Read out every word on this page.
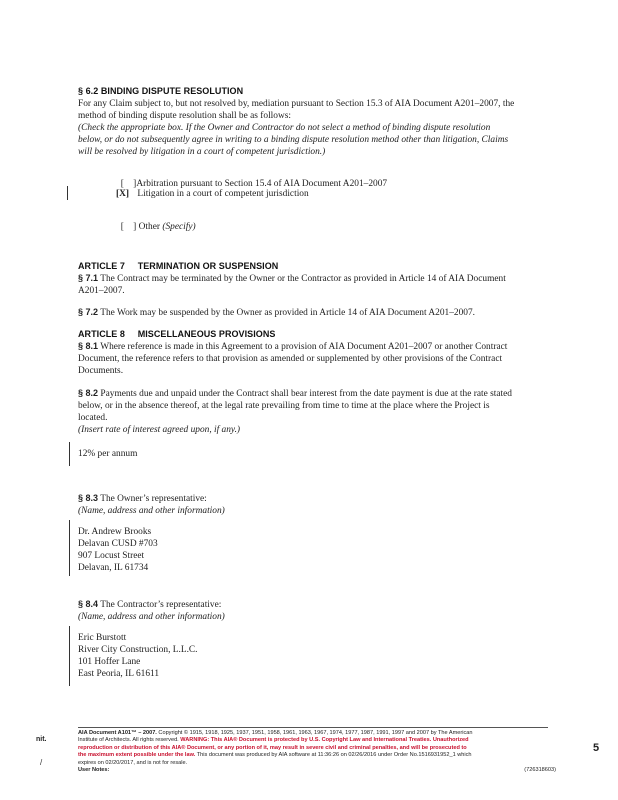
§ 6.2 BINDING DISPUTE RESOLUTION
For any Claim subject to, but not resolved by, mediation pursuant to Section 15.3 of AIA Document A201–2007, the
method of binding dispute resolution shall be as follows:
(Check the appropriate box. If the Owner and Contractor do not select a method of binding dispute resolution
below, or do not subsequently agree in writing to a binding dispute resolution method other than litigation, Claims
will be resolved by litigation in a court of competent jurisdiction.)

[    ]Arbitration pursuant to Section 15.4 of AIA Document A201–2007

[X] Litigation in a court of competent jurisdiction

[    ] Other (Specify)

ARTICLE 7     TERMINATION OR SUSPENSION
§ 7.1 The Contract may be terminated by the Owner or the Contractor as provided in Article 14 of AIA Document
A201–2007.
§ 7.2 The Work may be suspended by the Owner as provided in Article 14 of AIA Document A201–2007.
ARTICLE 8     MISCELLANEOUS PROVISIONS
§ 8.1 Where reference is made in this Agreement to a provision of AIA Document A201–2007 or another Contract
Document, the reference refers to that provision as amended or supplemented by other provisions of the Contract
Documents.
§ 8.2 Payments due and unpaid under the Contract shall bear interest from the date payment is due at the rate stated
below, or in the absence thereof, at the legal rate prevailing from time to time at the place where the Project is
located.
(Insert rate of interest agreed upon, if any.)
12% per annum
§ 8.3 The Owner’s representative:
(Name, address and other information)
Dr. Andrew Brooks
Delavan CUSD #703
907 Locust Street
Delavan, IL 61734
§ 8.4 The Contractor’s representative:
(Name, address and other information)
Eric Burstott
River City Construction, L.L.C.
101 Hoffer Lane
East Peoria, IL 61611
nit.
/
AIA Document A101™ – 2007. Copyright © 1915, 1918, 1925, 1937, 1951, 1958, 1961, 1963, 1967, 1974, 1977, 1987, 1991, 1997 and 2007 by The American
Institute of Architects. All rights reserved. WARNING: This AIA® Document is protected by U.S. Copyright Law and International Treaties. Unauthorized
reproduction or distribution of this AIA® Document, or any portion of it, may result in severe civil and criminal penalties, and will be prosecuted to
the maximum extent possible under the law. This document was produced by AIA software at 11:36:26 on 02/26/2016 under Order No.1516931952_1 which
expires on 02/20/2017, and is not for resale.
User Notes:	(726318603)
5
